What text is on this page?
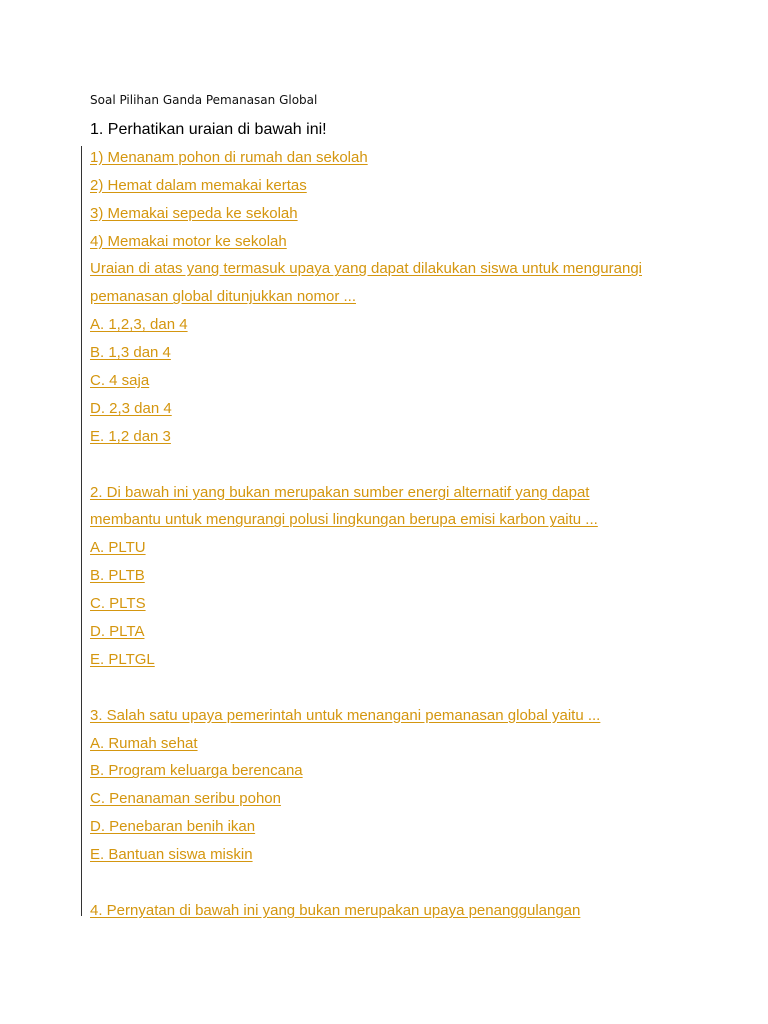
Soal Pilihan Ganda Pemanasan Global
1. Perhatikan uraian di bawah ini!
1) Menanam pohon di rumah dan sekolah
2) Hemat dalam memakai kertas
3) Memakai sepeda ke sekolah
4) Memakai motor ke sekolah
Uraian di atas yang termasuk upaya yang dapat dilakukan siswa untuk mengurangi
pemanasan global ditunjukkan nomor ...
A. 1,2,3, dan 4
B. 1,3 dan 4
C. 4 saja
D. 2,3 dan 4
E. 1,2 dan 3
2. Di bawah ini yang bukan merupakan sumber energi alternatif yang dapat
membantu untuk mengurangi polusi lingkungan berupa emisi karbon yaitu ...
A. PLTU
B. PLTB
C. PLTS
D. PLTA
E. PLTGL
3. Salah satu upaya pemerintah untuk menangani pemanasan global yaitu ...
A. Rumah sehat
B. Program keluarga berencana
C. Penanaman seribu pohon
D. Penebaran benih ikan
E. Bantuan siswa miskin
4. Pernyatan di bawah ini yang bukan merupakan upaya penanggulangan
